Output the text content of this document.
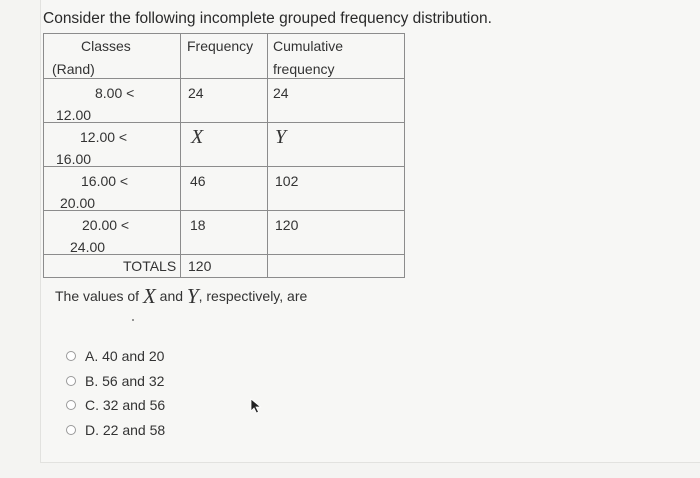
Consider the following incomplete grouped frequency distribution.
Classes
(Rand)	Frequency	Cumulative
frequency

8.00 <
12.00	24	24

12.00 <
16.00	X	Y

16.00 <
20.00	46	102

20.00 <
24.00	18	120

TOTALS	120	

The values of X and Y, respectively, are
A. 40 and 20
B. 56 and 32
C. 32 and 56
D. 22 and 58
